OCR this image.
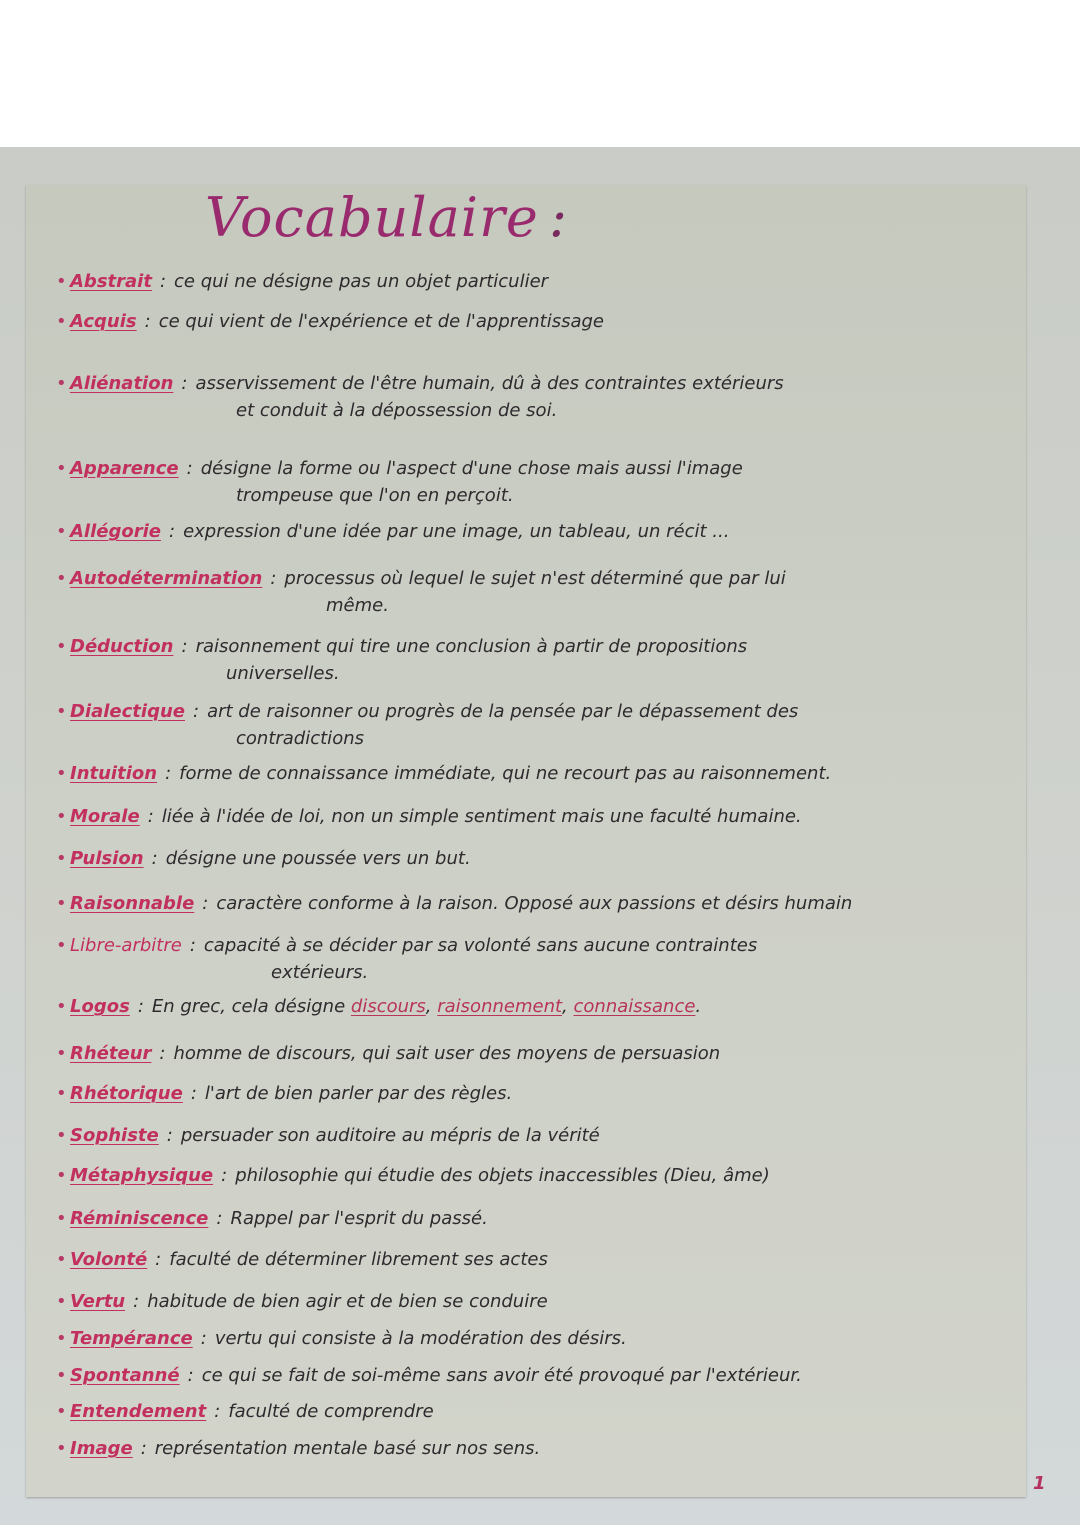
Vocabulaire :
• Abstrait : ce qui ne désigne pas un objet particulier
• Acquis : ce qui vient de l'expérience et de l'apprentissage
• Aliénation : asservissement de l'être humain, dû à des contraintes extérieurs
et conduit à la dépossession de soi.
• Apparence : désigne la forme ou l'aspect d'une chose mais aussi l'image
trompeuse que l'on en perçoit.
• Allégorie : expression d'une idée par une image, un tableau, un récit ...
• Autodétermination : processus où lequel le sujet n'est déterminé que par lui
même.
• Déduction : raisonnement qui tire une conclusion à partir de propositions
universelles.
• Dialectique : art de raisonner ou progrès de la pensée par le dépassement des
contradictions
• Intuition : forme de connaissance immédiate, qui ne recourt pas au raisonnement.
• Morale : liée à l'idée de loi, non un simple sentiment mais une faculté humaine.
• Pulsion : désigne une poussée vers un but.
• Raisonnable : caractère conforme à la raison. Opposé aux passions et désirs humain
• Libre-arbitre : capacité à se décider par sa volonté sans aucune contraintes
extérieurs.
• Logos : En grec, cela désigne discours, raisonnement, connaissance.
• Rhéteur : homme de discours, qui sait user des moyens de persuasion
• Rhétorique : l'art de bien parler par des règles.
• Sophiste : persuader son auditoire au mépris de la vérité
• Métaphysique : philosophie qui étudie des objets inaccessibles (Dieu, âme)
• Réminiscence : Rappel par l'esprit du passé.
• Volonté : faculté de déterminer librement ses actes
• Vertu : habitude de bien agir et de bien se conduire
• Tempérance : vertu qui consiste à la modération des désirs.
• Spontanné : ce qui se fait de soi-même sans avoir été provoqué par l'extérieur.
• Entendement : faculté de comprendre
• Image : représentation mentale basé sur nos sens.
1
